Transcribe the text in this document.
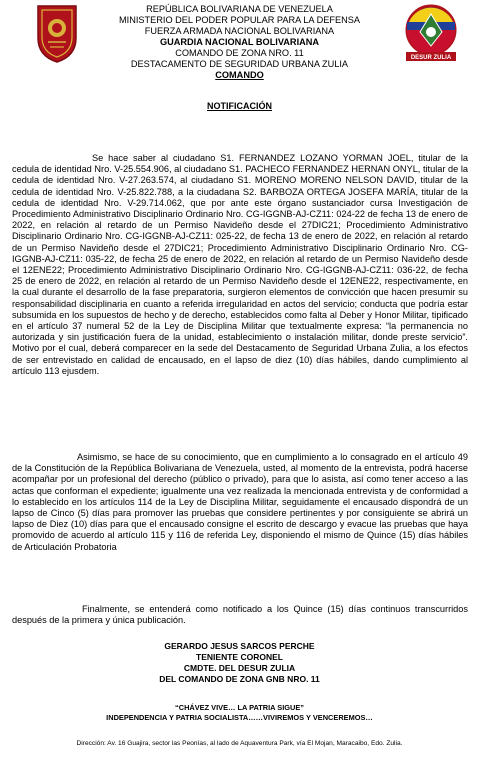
DESUR ZULIA
REPÚBLICA BOLIVARIANA DE VENEZUELA
MINISTERIO DEL PODER POPULAR PARA LA DEFENSA
FUERZA ARMADA NACIONAL BOLIVARIANA
GUARDIA NACIONAL BOLIVARIANA
COMANDO DE ZONA NRO. 11
DESTACAMENTO DE SEGURIDAD URBANA ZULIA
COMANDO
NOTIFICACIÓN
Se hace saber al ciudadano S1. FERNANDEZ LOZANO YORMAN JOEL, titular de la cedula de identidad Nro. V-25.554.906, al ciudadano S1. PACHECO FERNANDEZ HERNAN ONYL, titular de la cedula de identidad Nro. V-27.263.574, al ciudadano S1. MORENO MORENO NELSON DAVID, titular de la cedula de identidad Nro. V-25.822.788, a la ciudadana S2. BARBOZA ORTEGA JOSEFA MARÍA, titular de la cedula de identidad Nro. V-29.714.062, que por ante este órgano sustanciador cursa Investigación de Procedimiento Administrativo Disciplinario Ordinario Nro. CG-IGGNB-AJ-CZ11: 024-22 de fecha 13 de enero de 2022, en relación al retardo de un Permiso Navideño desde el 27DIC21; Procedimiento Administrativo Disciplinario Ordinario Nro. CG-IGGNB-AJ-CZ11: 025-22, de fecha 13 de enero de 2022, en relación al retardo de un Permiso Navideño desde el 27DIC21; Procedimiento Administrativo Disciplinario Ordinario Nro. CG-IGGNB-AJ-CZ11: 035-22, de fecha 25 de enero de 2022, en relación al retardo de un Permiso Navideño desde el 12ENE22; Procedimiento Administrativo Disciplinario Ordinario Nro. CG-IGGNB-AJ-CZ11: 036-22, de fecha 25 de enero de 2022, en relación al retardo de un Permiso Navideño desde el 12ENE22, respectivamente, en la cual durante el desarrollo de la fase preparatoria, surgieron elementos de convicción que hacen presumir su responsabilidad disciplinaria en cuanto a referida irregularidad en actos del servicio; conducta que podría estar subsumida en los supuestos de hecho y de derecho, establecidos como falta al Deber y Honor Militar, tipificado en el artículo 37 numeral 52 de la Ley de Disciplina Militar que textualmente expresa: “la permanencia no autorizada y sin justificación fuera de la unidad, establecimiento o instalación militar, donde preste servicio”. Motivo por el cual, deberá comparecer en la sede del Destacamento de Seguridad Urbana Zulia, a los efectos de ser entrevistado en calidad de encausado, en el lapso de diez (10) días hábiles, dando cumplimiento al artículo 113 ejusdem.
Asimismo, se hace de su conocimiento, que en cumplimiento a lo consagrado en el artículo 49 de la Constitución de la República Bolivariana de Venezuela, usted, al momento de la entrevista, podrá hacerse acompañar por un profesional del derecho (público o privado), para que lo asista, así como tener acceso a las actas que conforman el expediente; igualmente una vez realizada la mencionada entrevista y de conformidad a lo establecido en los artículos 114 de la Ley de Disciplina Militar, seguidamente el encausado dispondrá de un lapso de Cinco (5) días para promover las pruebas que considere pertinentes y por consiguiente se abrirá un lapso de Diez (10) días para que el encausado consigne el escrito de descargo y evacue las pruebas que haya promovido de acuerdo al artículo 115 y 116 de referida Ley, disponiendo el mismo de Quince (15) días hábiles de Articulación Probatoria
Finalmente, se entenderá como notificado a los Quince (15) días continuos transcurridos después de la primera y única publicación.
GERARDO JESUS SARCOS PERCHE
TENIENTE CORONEL
CMDTE. DEL DESUR ZULIA
DEL COMANDO DE ZONA GNB NRO. 11
“CHÁVEZ VIVE… LA PATRIA SIGUE”
INDEPENDENCIA Y PATRIA SOCIALISTA……VIVIREMOS Y VENCEREMOS…
Dirección: Av. 16 Guajira, sector las Peonías, al lado de Aquaventura Park, vía El Mojan, Maracaibo, Edo. Zulia.
